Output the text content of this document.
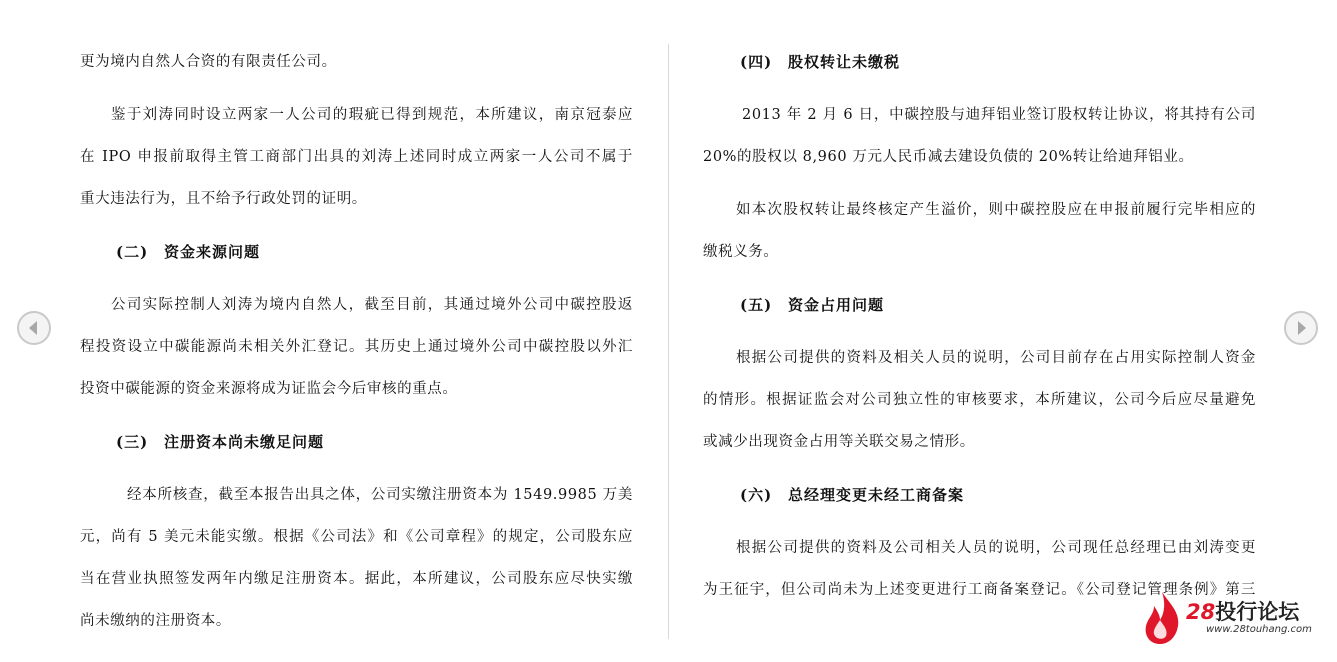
更为境内自然人合资的有限责任公司。
鉴于刘涛同时设立两家一人公司的瑕疵已得到规范，本所建议，南京冠泰应
在 IPO 申报前取得主管工商部门出具的刘涛上述同时成立两家一人公司不属于
重大违法行为，且不给予行政处罚的证明。
(二) 资金来源问题
公司实际控制人刘涛为境内自然人，截至目前，其通过境外公司中碳控股返
程投资设立中碳能源尚未相关外汇登记。其历史上通过境外公司中碳控股以外汇
投资中碳能源的资金来源将成为证监会今后审核的重点。
(三) 注册资本尚未缴足问题
经本所核查，截至本报告出具之体，公司实缴注册资本为 1549.9985 万美
元，尚有 5 美元未能实缴。根据《公司法》和《公司章程》的规定，公司股东应
当在营业执照签发两年内缴足注册资本。据此，本所建议，公司股东应尽快实缴
尚未缴纳的注册资本。
(四) 股权转让未缴税
2013 年 2 月 6 日，中碳控股与迪拜铝业签订股权转让协议，将其持有公司
20%的股权以 8,960 万元人民币减去建设负债的 20%转让给迪拜铝业。
如本次股权转让最终核定产生溢价，则中碳控股应在申报前履行完毕相应的
缴税义务。
(五) 资金占用问题
根据公司提供的资料及相关人员的说明，公司目前存在占用实际控制人资金
的情形。根据证监会对公司独立性的审核要求，本所建议，公司今后应尽量避免
或减少出现资金占用等关联交易之情形。
(六) 总经理变更未经工商备案
根据公司提供的资料及公司相关人员的说明，公司现任总经理已由刘涛变更
为王征宇，但公司尚未为上述变更进行工商备案登记。《公司登记管理条例》第三
28投行论坛
www.28touhang.com
